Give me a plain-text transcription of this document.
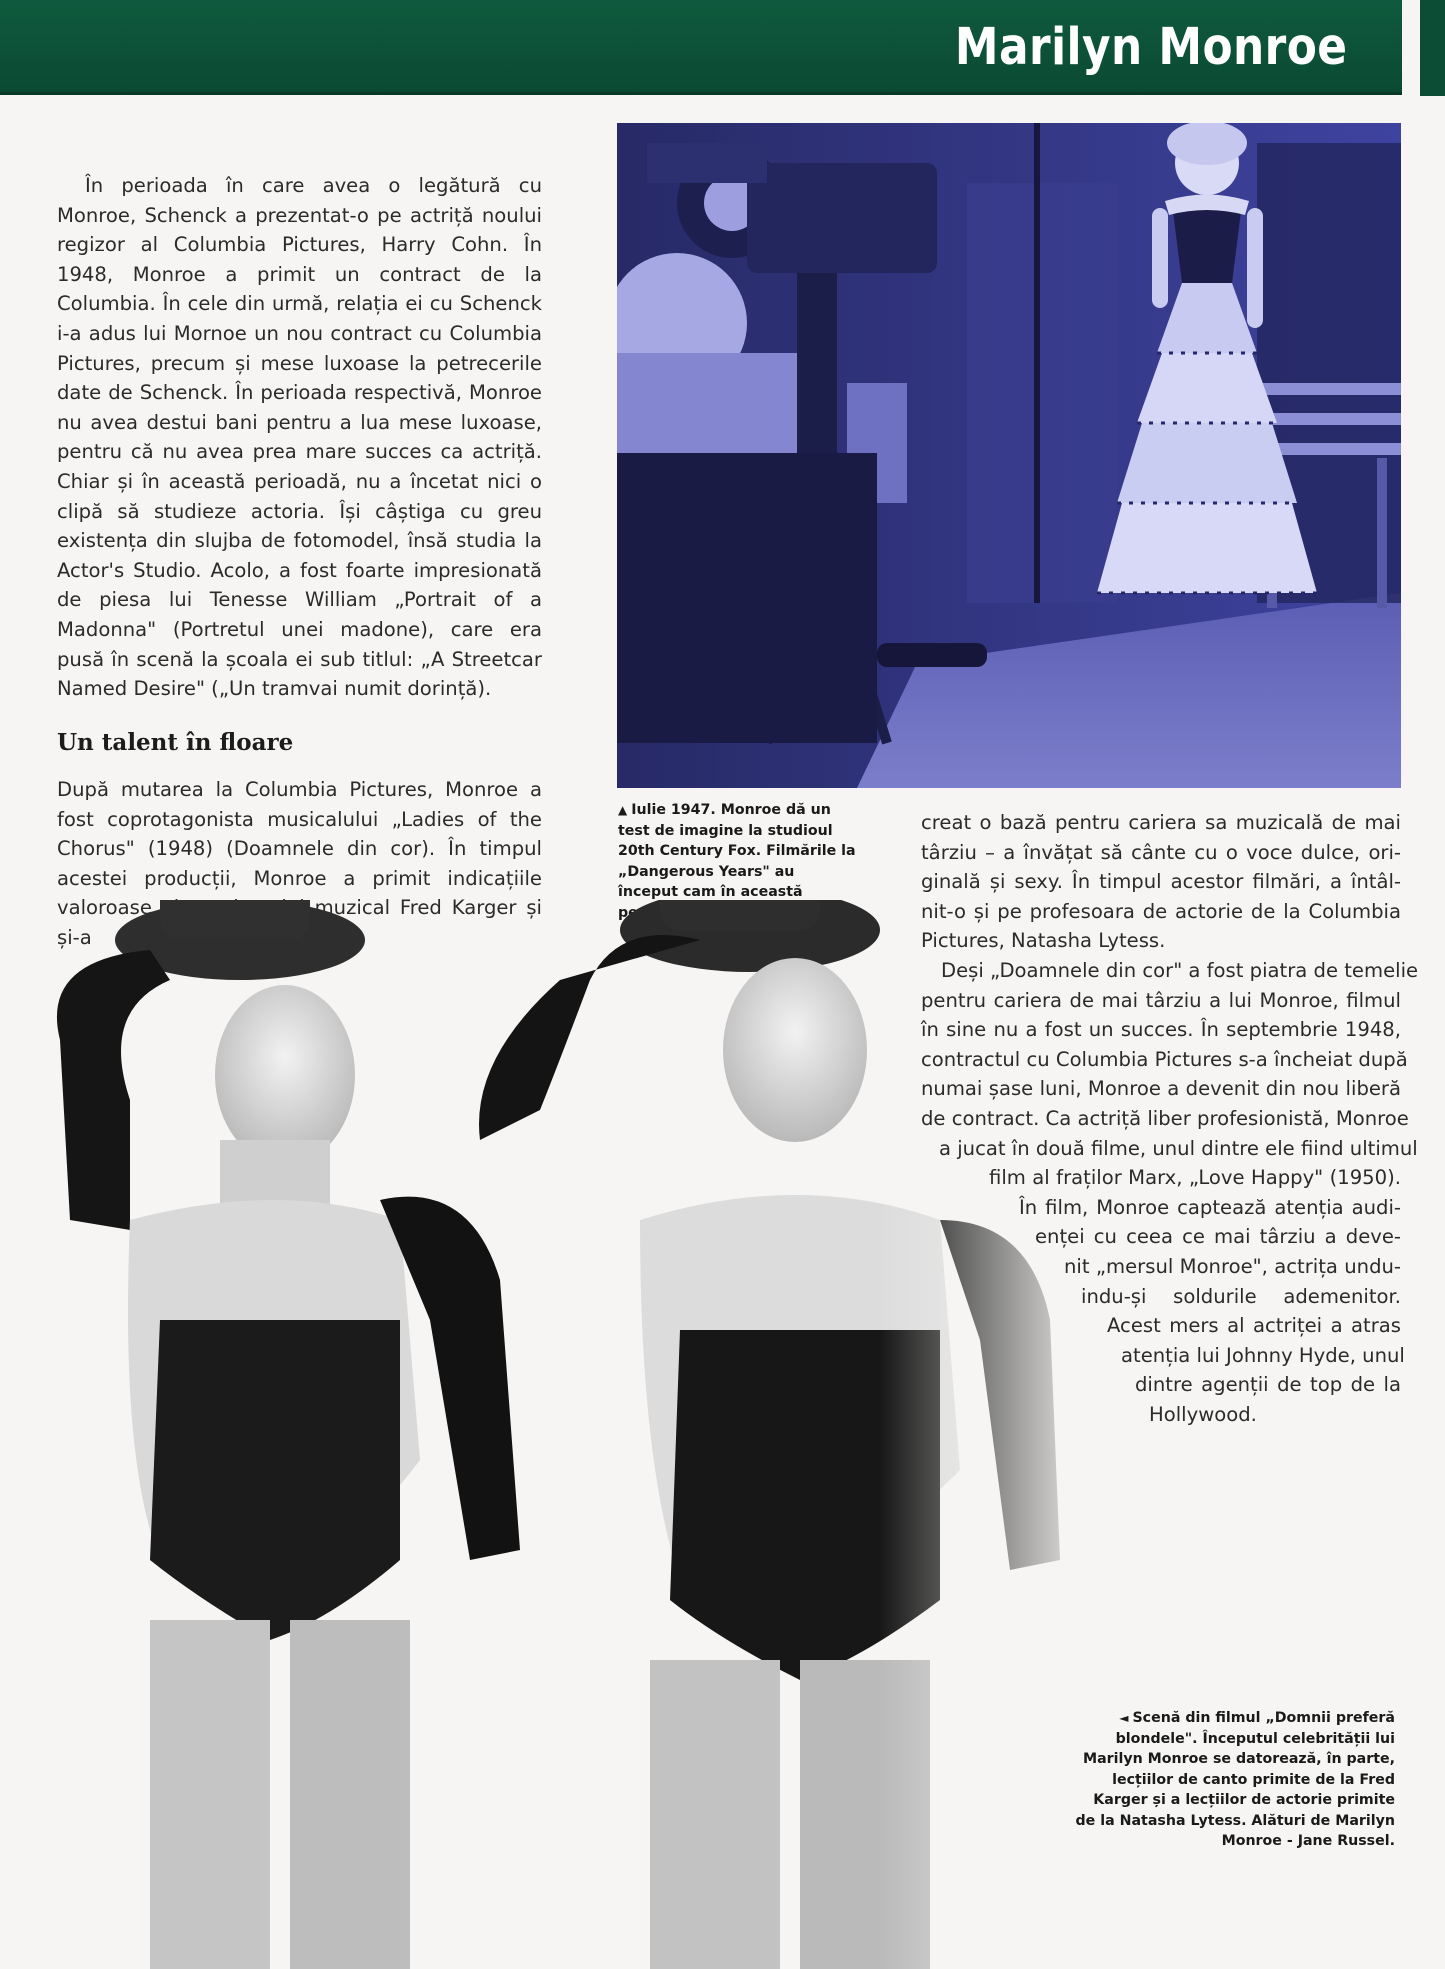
Marilyn Monroe

În perioada în care avea o legătură cu Monroe, Schenck a prezentat-o pe actriță noului regizor al Columbia Pictures, Harry Cohn. În 1948, Monroe a primit un contract de la Columbia. În cele din urmă, relația ei cu Schenck i-a adus lui Mornoe un nou contract cu Columbia Pictures, precum și mese luxoase la petrecerile date de Schenck. În perioada respectivă, Monroe nu avea destui bani pentru a lua mese luxoase, pentru că nu avea prea mare succes ca actriță. Chiar și în această perioadă, nu a încetat nici o clipă să studieze actoria. Își câștiga cu greu existența din slujba de fotomodel, însă studia la Actor's Studio. Acolo, a fost foarte impresionată de piesa lui Tenesse William „Portrait of a Madonna" (Portretul unei madone), care era pusă în scenă la școala ei sub titlul: „A Streetcar Named Desire" („Un tramvai numit dorință).

Un talent în floare

După mutarea la Columbia Pictures, Monroe a fost coprotagonista musicalului „Ladies of the Chorus" (1948) (Doamnele din cor). În timpul acestei producții, Monroe a primit indicațiile

▲ Iulie 1947. Monroe dă un test de imagine la studioul 20th Century Fox. Filmările la „Dangerous Years" au început cam în această
creat o bază pentru cariera sa muzicală de mai
târziu – a învățat să cânte cu o voce dulce, ori-
ginală și sexy. În timpul acestor filmări, a întâl-
nit-o și pe profesoara de actorie de la Columbia
Pictures, Natasha Lytess.
Deși „Doamnele din cor" a fost piatra de temelie
pentru cariera de mai târziu a lui Monroe, filmul
în sine nu a fost un succes. În septembrie 1948,
contractul cu Columbia Pictures s-a încheiat după
numai șase luni, Monroe a devenit din nou liberă
de contract. Ca actriță liber profesionistă, Monroe
a jucat în două filme, unul dintre ele fiind ultimul
film al fraților Marx, „Love Happy" (1950).
În film, Monroe captează atenția audi-
enței cu ceea ce mai târziu a deve-
nit „mersul Monroe", actrița undu-
indu-și soldurile ademenitor.
Acest mers al actriței a atras
atenția lui Johnny Hyde, unul
dintre agenții de top de la
Hollywood.
◄ Scenă din filmul „Domnii preferă blondele". Începutul celebrității lui Marilyn Monroe se datorează, în parte, lecțiilor de canto primite de la Fred Karger și a lecțiilor de actorie primite de la Natasha Lytess. Alături de Marilyn Monroe - Jane Russel.
